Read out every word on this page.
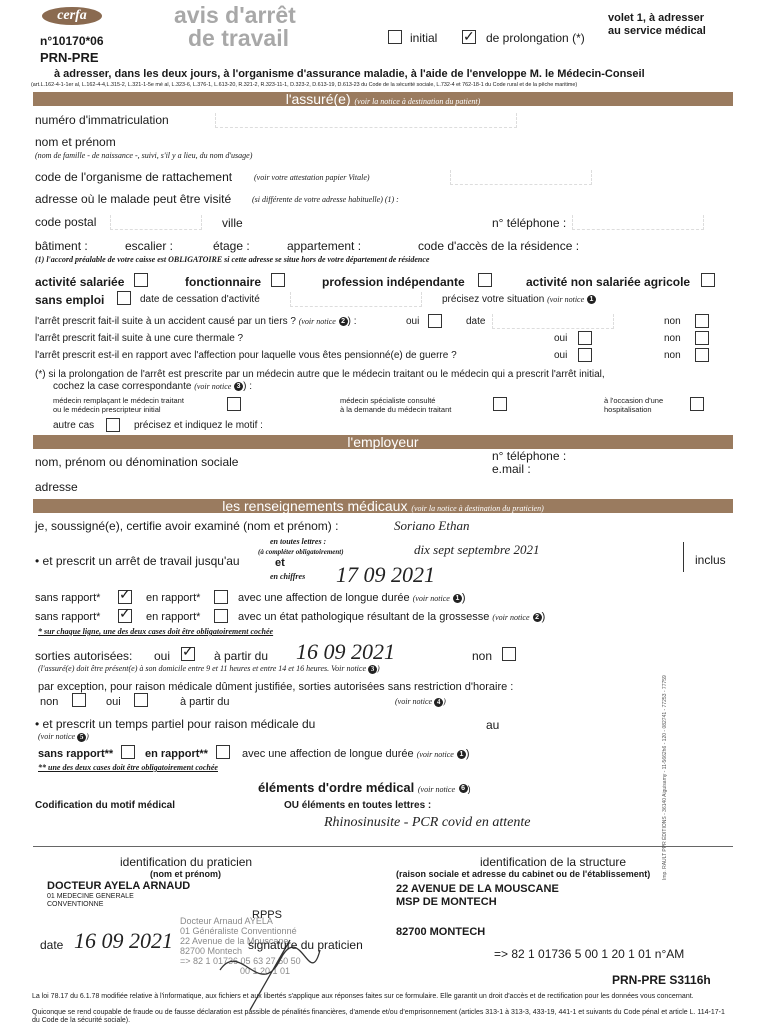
cerfa
n°10170*06
PRN-PRE
avis d'arrêt
de travail	initial ✓ de prolongation (*)
volet 1, à adresser
au service médical
à adresser, dans les deux jours, à l'organisme d'assurance maladie, à l'aide de l'enveloppe M. le Médecin-Conseil
(art.L.162-4-1-1er al, L.162-4-4,L.315-2, L.321-1-5e mé al, L.323-6, L.376-1, L.613-20, R.321-2, R.323-11-1, D.323-2, D.613-19, D.613-23 du Code de la sécurité sociale, L.732-4 et 762-18-1 du Code rural et de la pêche maritime)
l'assuré(e) (voir la notice à destination du patient)
numéro d'immatriculation
nom et prénom
(nom de famille - de naissance -, suivi, s'il y a lieu, du nom d'usage)
code de l'organisme de rattachement	(voir votre attestation papier Vitale)
adresse où le malade peut être visité	(si différente de votre adresse habituelle) (1) :
code postal	ville	n° téléphone :
bâtiment :	escalier :	étage :	appartement :	code d'accès de la résidence :
(1) l'accord préalable de votre caisse est OBLIGATOIRE si cette adresse se situe hors de votre département de résidence
activité salariée	fonctionnaire	profession indépendante	activité non salariée agricole
sans emploi	date de cessation d'activité	précisez votre situation (voir notice 1
l'arrêt prescrit fait-il suite à un accident causé par un tiers ? (voir notice 2 ) :	oui	date	non
l'arrêt prescrit fait-il suite à une cure thermale ?	oui	non
l'arrêt prescrit est-il en rapport avec l'affection pour laquelle vous êtes pensionné(e) de guerre ?	oui	non
(*) si la prolongation de l'arrêt est prescrite par un médecin autre que le médecin traitant ou le médecin qui a prescrit l'arrêt initial,
cochez la case correspondante (voir notice 3 ) :
médecin remplaçant le médecin traitant
ou le médecin prescripteur initial
médecin spécialiste consulté
à la demande du médecin traitant
à l'occasion d'une
hospitalisation
autre cas	précisez et indiquez le motif :
l'employeur
nom, prénom ou dénomination sociale	n° téléphone :
e.mail :
adresse
les renseignements médicaux (voir la notice à destination du praticien)
je, soussigné(e), certifie avoir examiné (nom et prénom) :	Soriano Ethan
• et prescrit un arrêt de travail jusqu'au
en toutes lettres :
(à compléter obligatoirement)
et
en chiffres
dix sept septembre 2021
17 09 2021
inclus
sans rapport* ✓ en rapport*	avec une affection de longue durée (voir notice 1 )
sans rapport* ✓ en rapport*	avec un état pathologique résultant de la grossesse (voir notice 2 )
* sur chaque ligne, une des deux cases doit être obligatoirement cochée
sorties autorisées: oui ✓ à partir du 16 09 2021	non
(l'assuré(e) doit être présent(e) à son domicile entre 9 et 11 heures et entre 14 et 16 heures. Voir notice 3 )
par exception, pour raison médicale dûment justifiée, sorties autorisées sans restriction d'horaire :
non	oui	à partir du	(voir notice 4 )
• et prescrit un temps partiel pour raison médicale du	au
(voir notice 5 )
sans rapport**	en rapport**	avec une affection de longue durée (voir notice 1 )
** une des deux cases doit être obligatoirement cochée
éléments d'ordre médical (voir notice 6 )
Codification du motif médical	OU éléments en toutes lettres :
Rhinosinusite - PCR covid en attente
identification du praticien
(nom et prénom)
DOCTEUR AYELA ARNAUD
01 MEDECINE GENERALE
CONVENTIONNE
RPPS
identification de la structure
(raison sociale et adresse du cabinet ou de l'établissement)
22 AVENUE DE LA MOUSCANE
MSP DE MONTECH
82700 MONTECH
=> 82 1 01736 5 00 1 20 1 01 n°AM
Docteur Arnaud AYELA
01 Généraliste Conventionné
22 Avenue de la Mouscane
82700 Montech
=> 82 1 01736 05 63 27 50 50
00 1 20 1 01
date 16 09 2021	signature du praticien
PRN-PRE S3116h
La loi 78.17 du 6.1.78 modifiée relative à l'informatique, aux fichiers et aux libertés s'applique aux réponses faites sur ce formulaire. Elle garantit un droit d'accès et de rectification pour les données vous concernant.
Quiconque se rend coupable de fraude ou de fausse déclaration est passible de pénalités financières, d'amende et/ou d'emprisonnement (articles 313-1 à 313-3, 433-19, 441-1 et suivants du Code pénal et article L. 114-17-1 du Code de la sécurité sociale).
Imp. RAULT PPR ÉDITIONS - 36140 Aiguisamy - 11-5662h6 - 120 - 082741 - 77253 - 77759
